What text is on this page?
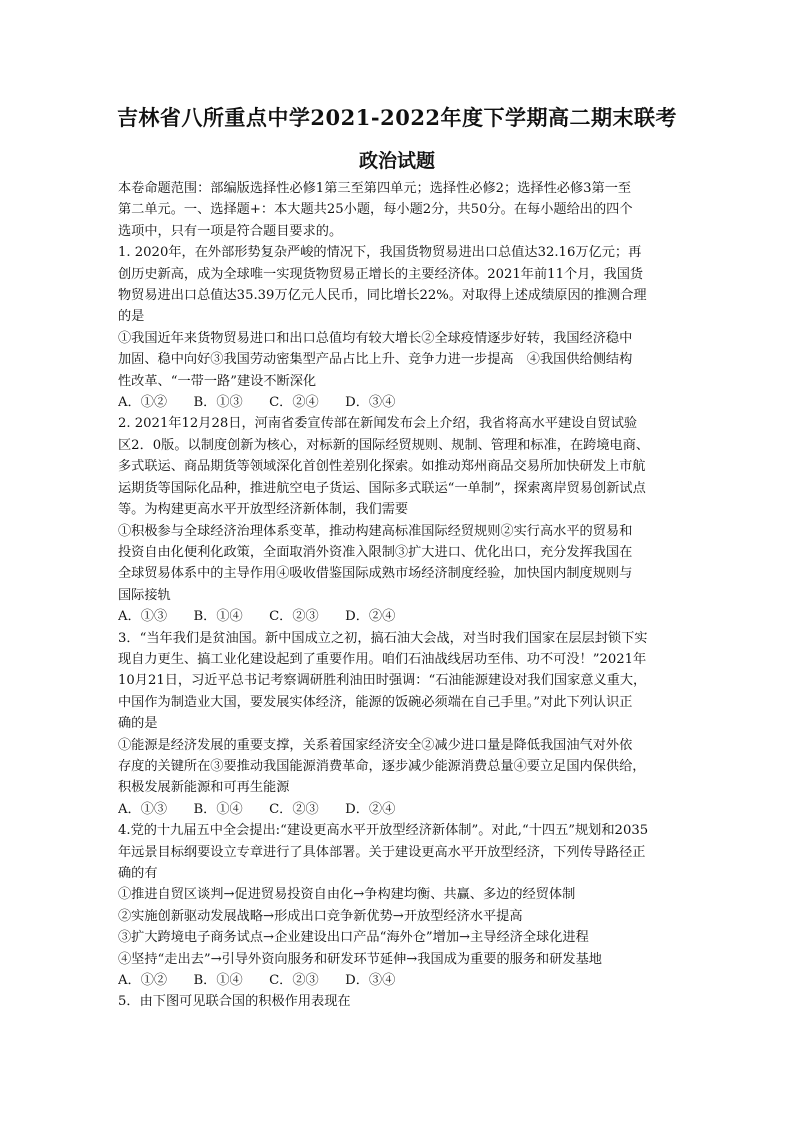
吉林省八所重点中学2021-2022年度下学期高二期末联考
政治试题

本卷命题范围：部编版选择性必修1第三至第四单元；选择性必修2；选择性必修3第一至

第二单元。一、选择题+：本大题共25小题，每小题2分，共50分。在每小题给出的四个

选项中，只有一项是符合题目要求的。

1. 2020年，在外部形势复杂严峻的情况下，我国货物贸易进出口总值达32.16万亿元；再

创历史新高，成为全球唯一实现货物贸易正增长的主要经济体。2021年前11个月，我国货

物贸易进出口总值达35.39万亿元人民币，同比增长22%。对取得上述成绩原因的推测合理

的是

①我国近年来货物贸易进口和出口总值均有较大增长②全球疫情逐步好转，我国经济稳中

加固、稳中向好③我国劳动密集型产品占比上升、竞争力进一步提高　④我国供给侧结构

性改革、“一带一路”建设不断深化

A．①②　　B．①③　　C．②④　　D．③④

2. 2021年12月28日，河南省委宣传部在新闻发布会上介绍，我省将高水平建设自贸试验

区2．0版。以制度创新为核心，对标新的国际经贸规则、规制、管理和标准，在跨境电商、

多式联运、商品期货等领域深化首创性差别化探索。如推动郑州商品交易所加快研发上市航

运期货等国际化品种，推进航空电子货运、国际多式联运“一单制”，探索离岸贸易创新试点

等。为构建更高水平开放型经济新体制，我们需要

①积极参与全球经济治理体系变革，推动构建高标准国际经贸规则②实行高水平的贸易和

投资自由化便利化政策，全面取消外资准入限制③扩大进口、优化出口，充分发挥我国在

全球贸易体系中的主导作用④吸收借鉴国际成熟市场经济制度经验，加快国内制度规则与

国际接轨

A．①③　　B．①④　　C．②③　　D．②④

3．“当年我们是贫油国。新中国成立之初，搞石油大会战，对当时我们国家在层层封锁下实

现自力更生、搞工业化建设起到了重要作用。咱们石油战线居功至伟、功不可没！”2021年

10月21日，习近平总书记考察调研胜利油田时强调：“石油能源建设对我们国家意义重大，

中国作为制造业大国，要发展实体经济，能源的饭碗必须端在自己手里。”对此下列认识正

确的是

①能源是经济发展的重要支撑，关系着国家经济安全②减少进口量是降低我国油气对外依

存度的关键所在③要推动我国能源消费革命，逐步减少能源消费总量④要立足国内保供给，

积极发展新能源和可再生能源

A．①③　　B．①④　　C．②③　　D．②④

4.党的十九届五中全会提出:“建设更高水平开放型经济新体制”。对此,“十四五”规划和2035

年远景目标纲要设立专章进行了具体部署。关于建设更高水平开放型经济，下列传导路径正

确的有

①推进自贸区谈判→促进贸易投资自由化→争构建均衡、共赢、多边的经贸体制

②实施创新驱动发展战略→形成出口竞争新优势→开放型经济水平提高

③扩大跨境电子商务试点→企业建设出口产品“海外仓”增加→主导经济全球化进程

④坚持“走出去”→引导外资向服务和研发环节延伸→我国成为重要的服务和研发基地

A．①②　　B．①④　　C．②③　　D．③④

5．由下图可见联合国的积极作用表现在
